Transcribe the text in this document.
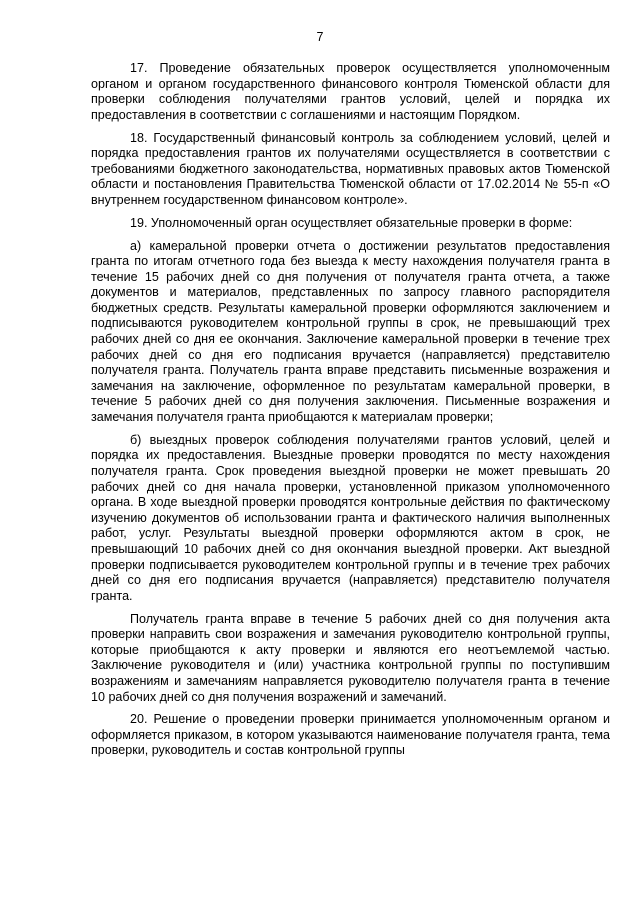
7

17. Проведение обязательных проверок осуществляется уполномоченным органом и органом государственного финансового контроля Тюменской области для проверки соблюдения получателями грантов условий, целей и порядка их предоставления в соответствии с соглашениями и настоящим Порядком.

18. Государственный финансовый контроль за соблюдением условий, целей и порядка предоставления грантов их получателями осуществляется в соответствии с требованиями бюджетного законодательства, нормативных правовых актов Тюменской области и постановления Правительства Тюменской области от 17.02.2014 № 55-п «О внутреннем государственном финансовом контроле».

19. Уполномоченный орган осуществляет обязательные проверки в форме:

а) камеральной проверки отчета о достижении результатов предоставления гранта по итогам отчетного года без выезда к месту нахождения получателя гранта в течение 15 рабочих дней со дня получения от получателя гранта отчета, а также документов и материалов, представленных по запросу главного распорядителя бюджетных средств. Результаты камеральной проверки оформляются заключением и подписываются руководителем контрольной группы в срок, не превышающий трех рабочих дней со дня ее окончания. Заключение камеральной проверки в течение трех рабочих дней со дня его подписания вручается (направляется) представителю получателя гранта. Получатель гранта вправе представить письменные возражения и замечания на заключение, оформленное по результатам камеральной проверки, в течение 5 рабочих дней со дня получения заключения. Письменные возражения и замечания получателя гранта приобщаются к материалам проверки;

б) выездных проверок соблюдения получателями грантов условий, целей и порядка их предоставления. Выездные проверки проводятся по месту нахождения получателя гранта. Срок проведения выездной проверки не может превышать 20 рабочих дней со дня начала проверки, установленной приказом уполномоченного органа. В ходе выездной проверки проводятся контрольные действия по фактическому изучению документов об использовании гранта и фактического наличия выполненных работ, услуг. Результаты выездной проверки оформляются актом в срок, не превышающий 10 рабочих дней со дня окончания выездной проверки. Акт выездной проверки подписывается руководителем контрольной группы и в течение трех рабочих дней со дня его подписания вручается (направляется) представителю получателя гранта.

Получатель гранта вправе в течение 5 рабочих дней со дня получения акта проверки направить свои возражения и замечания руководителю контрольной группы, которые приобщаются к акту проверки и являются его неотъемлемой частью. Заключение руководителя и (или) участника контрольной группы по поступившим возражениям и замечаниям направляется руководителю получателя гранта в течение 10 рабочих дней со дня получения возражений и замечаний.

20. Решение о проведении проверки принимается уполномоченным органом и оформляется приказом, в котором указываются наименование получателя гранта, тема проверки, руководитель и состав контрольной группы
